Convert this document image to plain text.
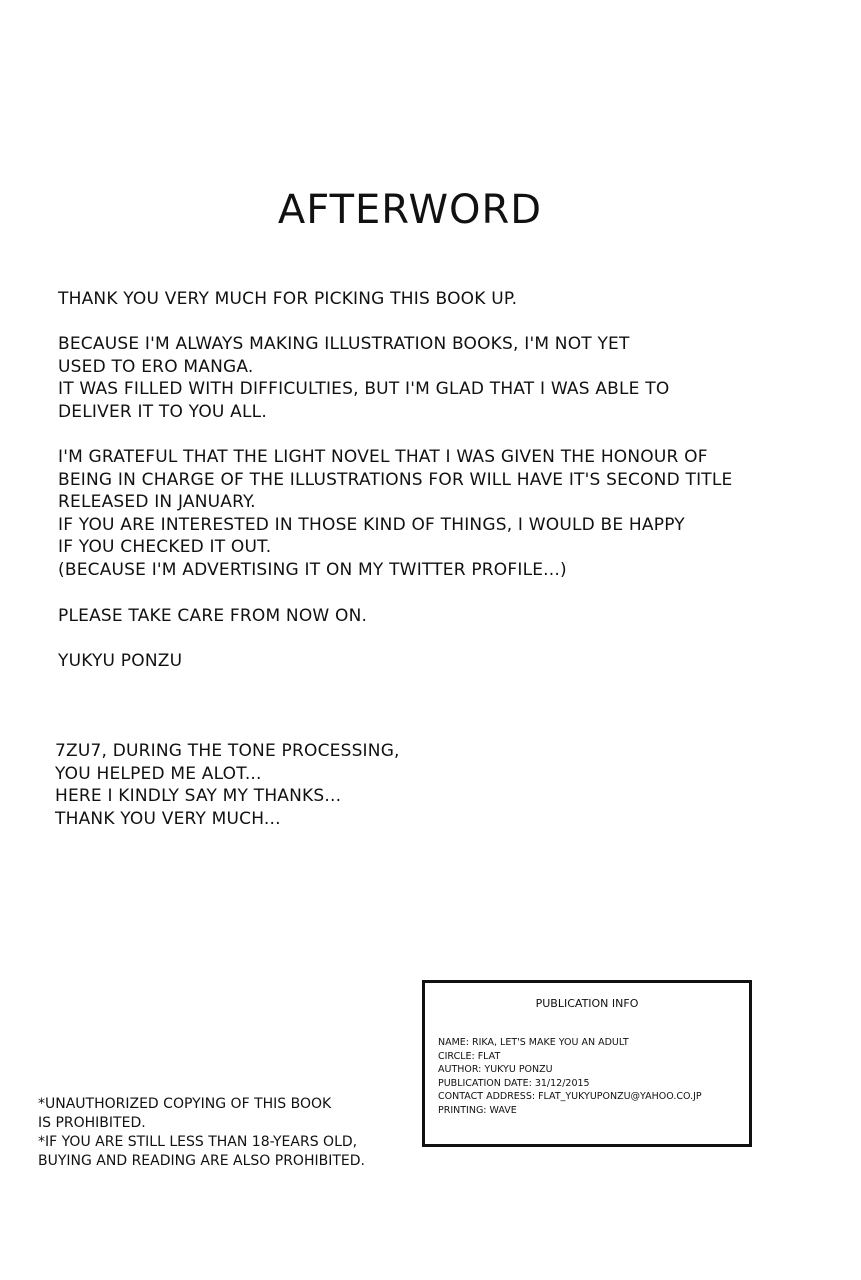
AFTERWORD
THANK YOU VERY MUCH FOR PICKING THIS BOOK UP.
BECAUSE I'M ALWAYS MAKING ILLUSTRATION BOOKS, I'M NOT YET
USED TO ERO MANGA.
IT WAS FILLED WITH DIFFICULTIES, BUT I'M GLAD THAT I WAS ABLE TO
DELIVER IT TO YOU ALL.
I'M GRATEFUL THAT THE LIGHT NOVEL THAT I WAS GIVEN THE HONOUR OF
BEING IN CHARGE OF THE ILLUSTRATIONS FOR WILL HAVE IT'S SECOND TITLE
RELEASED IN JANUARY.
IF YOU ARE INTERESTED IN THOSE KIND OF THINGS, I WOULD BE HAPPY
IF YOU CHECKED IT OUT.
(BECAUSE I'M ADVERTISING IT ON MY TWITTER PROFILE...)
PLEASE TAKE CARE FROM NOW ON.
YUKYU PONZU
7ZU7, DURING THE TONE PROCESSING,
YOU HELPED ME ALOT...
HERE I KINDLY SAY MY THANKS...
THANK YOU VERY MUCH...
PUBLICATION INFO
NAME: RIKA, LET'S MAKE YOU AN ADULT
CIRCLE: FLAT
AUTHOR: YUKYU PONZU
PUBLICATION DATE: 31/12/2015
CONTACT ADDRESS: FLAT_YUKYUPONZU@YAHOO.CO.JP
PRINTING: WAVE
*UNAUTHORIZED COPYING OF THIS BOOK
IS PROHIBITED.
*IF YOU ARE STILL LESS THAN 18-YEARS OLD,
BUYING AND READING ARE ALSO PROHIBITED.
